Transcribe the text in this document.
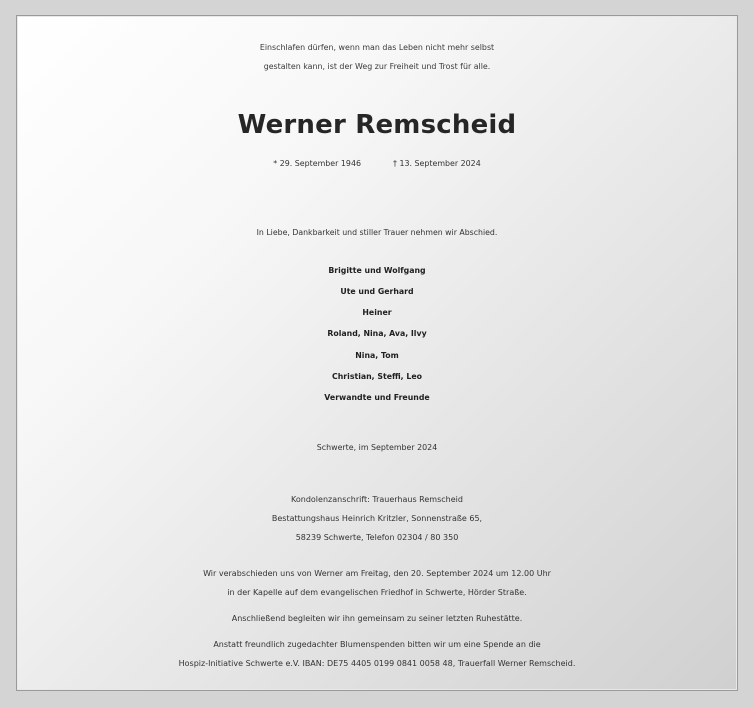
Einschlafen dürfen, wenn man das Leben nicht mehr selbst
gestalten kann, ist der Weg zur Freiheit und Trost für alle.
Werner Remscheid
* 29. September 1946	† 13. September 2024
In Liebe, Dankbarkeit und stiller Trauer nehmen wir Abschied.
Brigitte und Wolfgang
Ute und Gerhard
Heiner
Roland, Nina, Ava, Ilvy
Nina, Tom
Christian, Steffi, Leo
Verwandte und Freunde
Schwerte, im September 2024
Kondolenzanschrift: Trauerhaus Remscheid
Bestattungshaus Heinrich Kritzler, Sonnenstraße 65,
58239 Schwerte, Telefon 02304 / 80 350
Wir verabschieden uns von Werner am Freitag, den 20. September 2024 um 12.00 Uhr
in der Kapelle auf dem evangelischen Friedhof in Schwerte, Hörder Straße.
Anschließend begleiten wir ihn gemeinsam zu seiner letzten Ruhestätte.
Anstatt freundlich zugedachter Blumenspenden bitten wir um eine Spende an die
Hospiz-Initiative Schwerte e.V. IBAN: DE75 4405 0199 0841 0058 48, Trauerfall Werner Remscheid.
